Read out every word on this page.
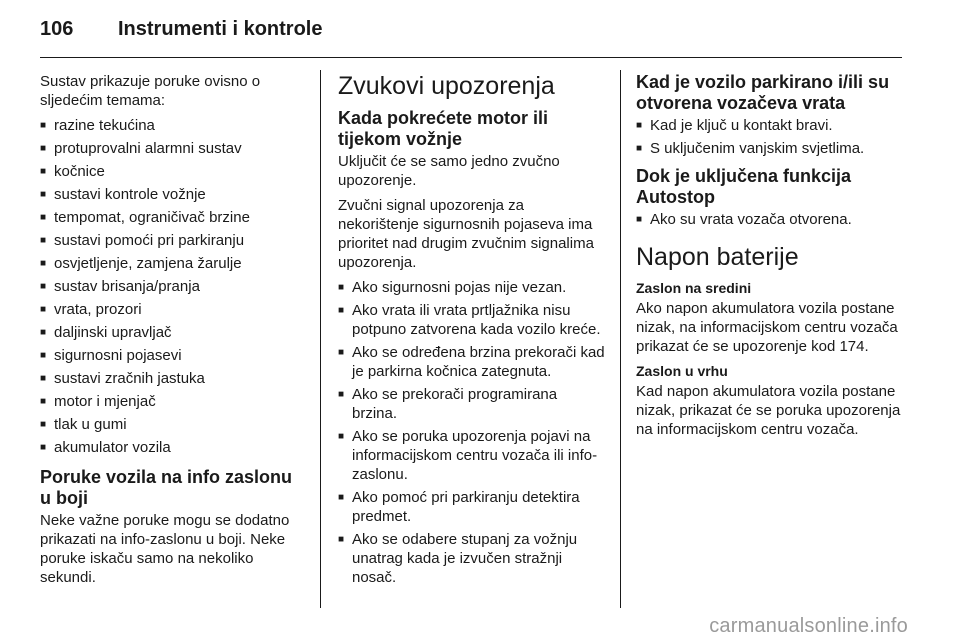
106	Instrumenti i kontrole

Sustav prikazuje poruke ovisno o sljedećim temama:

■ razine tekućina
■ protuprovalni alarmni sustav
■ kočnice
■ sustavi kontrole vožnje
■ tempomat, ograničivač brzine
■ sustavi pomoći pri parkiranju
■ osvjetljenje, zamjena žarulje
■ sustav brisanja/pranja
■ vrata, prozori
■ daljinski upravljač
■ sigurnosni pojasevi
■ sustavi zračnih jastuka
■ motor i mjenjač
■ tlak u gumi
■ akumulator vozila
Poruke vozila na info zaslonu u boji

Neke važne poruke mogu se dodatno prikazati na info-zaslonu u boji. Neke poruke iskaču samo na nekoliko sekundi.

Zvukovi upozorenja
Kada pokrećete motor ili tijekom vožnje

Uključit će se samo jedno zvučno upozorenje.

Zvučni signal upozorenja za nekorištenje sigurnosnih pojaseva ima prioritet nad drugim zvučnim signalima upozorenja.

■ Ako sigurnosni pojas nije vezan.
■ Ako vrata ili vrata prtljažnika nisu potpuno zatvorena kada vozilo kreće.
■ Ako se određena brzina prekorači kad je parkirna kočnica zategnuta.
■ Ako se prekorači programirana brzina.
■ Ako se poruka upozorenja pojavi na informacijskom centru vozača ili info-zaslonu.
■ Ako pomoć pri parkiranju detektira predmet.
■ Ako se odabere stupanj za vožnju unatrag kada je izvučen stražnji nosač.
Kad je vozilo parkirano i/ili su otvorena vozačeva vrata
■ Kad je ključ u kontakt bravi.
■ S uključenim vanjskim svjetlima.
Dok je uključena funkcija Autostop
■ Ako su vrata vozača otvorena.
Napon baterije
Zaslon na sredini

Ako napon akumulatora vozila postane nizak, na informacijskom centru vozača prikazat će se upozorenje kod 174.

Zaslon u vrhu

Kad napon akumulatora vozila postane nizak, prikazat će se poruka upozorenja na informacijskom centru vozača.

carmanualsonline.info
